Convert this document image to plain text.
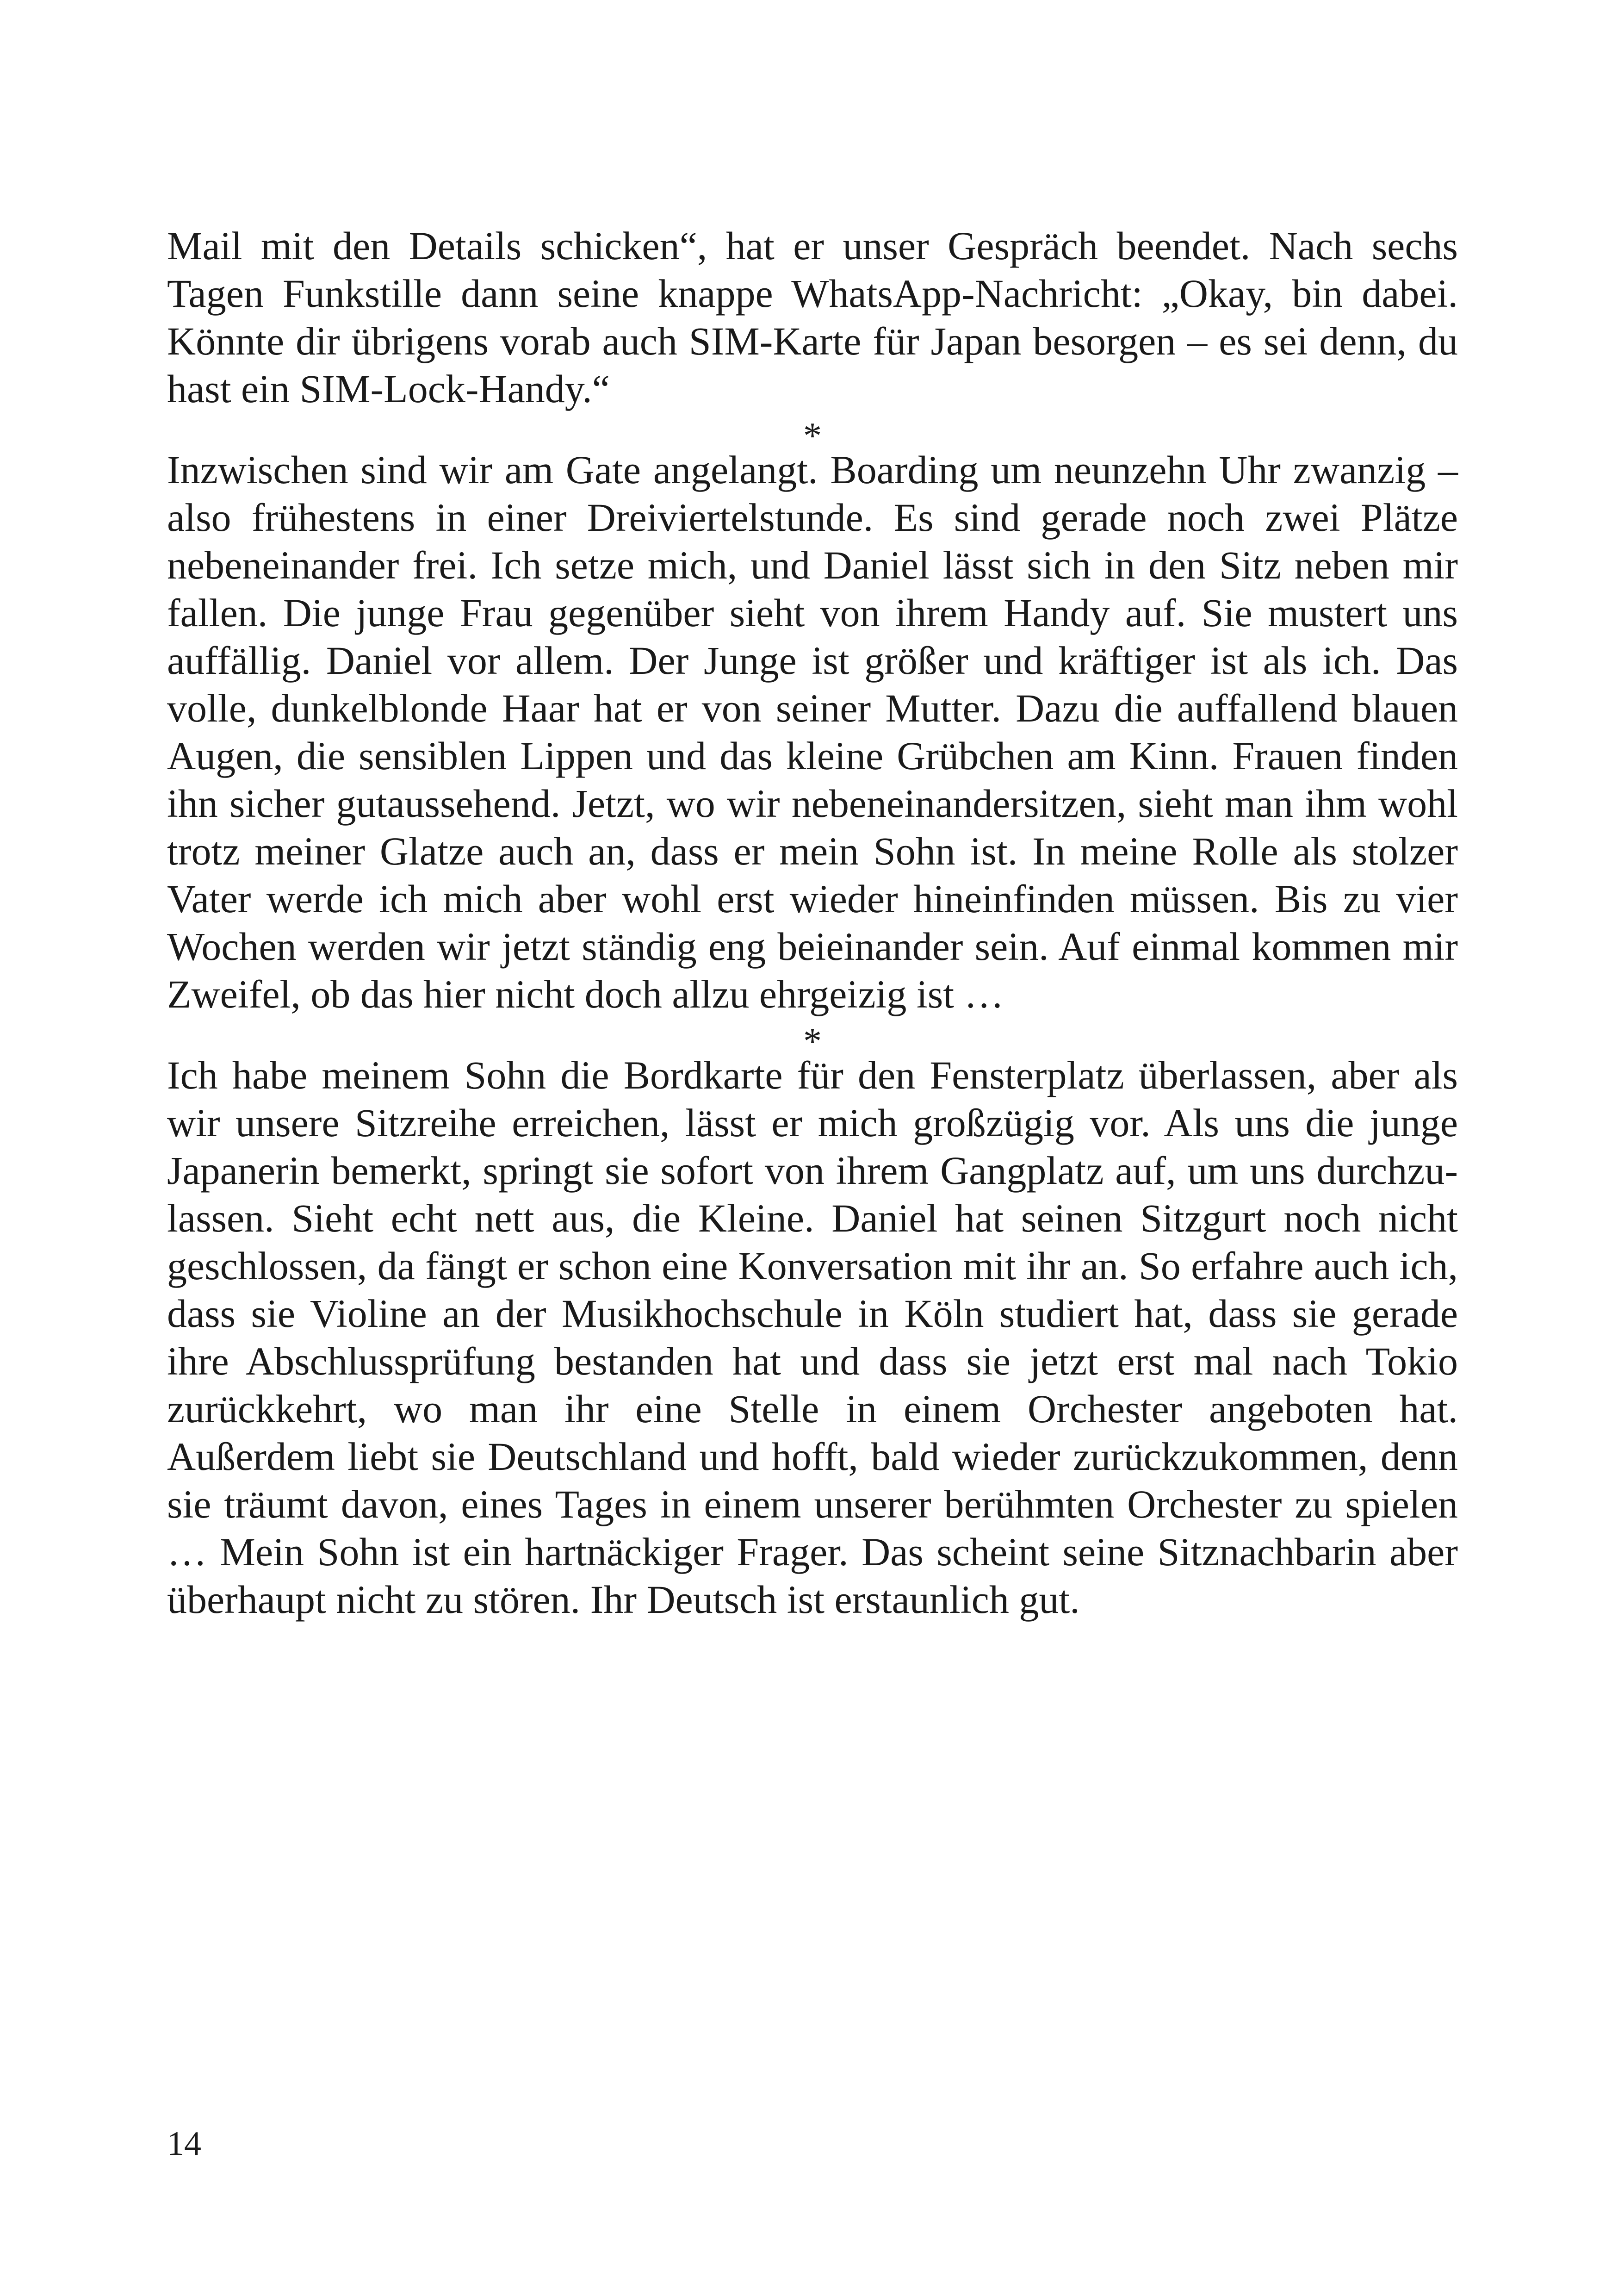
Mail mit den Details schicken“, hat er unser Gespräch beendet. Nach sechs Tagen Funkstille dann seine knappe WhatsApp-Nachricht: „Okay, bin dabei. Könnte dir übrigens vorab auch SIM-Karte für Japan besorgen – es sei denn, du hast ein SIM-Lock-Handy.“

*

Inzwischen sind wir am Gate angelangt. Boarding um neunzehn Uhr zwanzig – also frühestens in einer Dreiviertelstunde. Es sind gerade noch zwei Plätze nebeneinander frei. Ich setze mich, und Daniel lässt sich in den Sitz neben mir fallen. Die junge Frau gegenüber sieht von ihrem Handy auf. Sie mustert uns auffällig. Daniel vor allem. Der Junge ist größer und kräftiger ist als ich. Das volle, dunkelblonde Haar hat er von seiner Mutter. Dazu die auffallend blauen Augen, die sensiblen Lippen und das kleine Grübchen am Kinn. Frauen finden ihn sicher gutaussehend. Jetzt, wo wir nebeneinandersitzen, sieht man ihm wohl trotz meiner Glatze auch an, dass er mein Sohn ist. In meine Rolle als stolzer Vater werde ich mich aber wohl erst wieder hineinfinden müssen. Bis zu vier Wochen werden wir jetzt ständig eng beieinander sein. Auf einmal kommen mir Zweifel, ob das hier nicht doch allzu ehrgeizig ist …

*

Ich habe meinem Sohn die Bordkarte für den Fensterplatz überlassen, aber als wir unsere Sitzreihe erreichen, lässt er mich großzügig vor. Als uns die junge Japanerin bemerkt, springt sie sofort von ihrem Gangplatz auf, um uns durchzulassen. Sieht echt nett aus, die Kleine. Daniel hat seinen Sitzgurt noch nicht geschlossen, da fängt er schon eine Konversation mit ihr an. So erfahre auch ich, dass sie Violine an der Musikhochschule in Köln studiert hat, dass sie gerade ihre Abschlussprüfung bestanden hat und dass sie jetzt erst mal nach Tokio zurückkehrt, wo man ihr eine Stelle in einem Orchester angeboten hat. Außerdem liebt sie Deutschland und hofft, bald wieder zurückzukommen, denn sie träumt davon, eines Tages in einem unserer berühmten Orchester zu spielen … Mein Sohn ist ein hartnäckiger Frager. Das scheint seine Sitznachbarin aber überhaupt nicht zu stören. Ihr Deutsch ist erstaunlich gut.

14
